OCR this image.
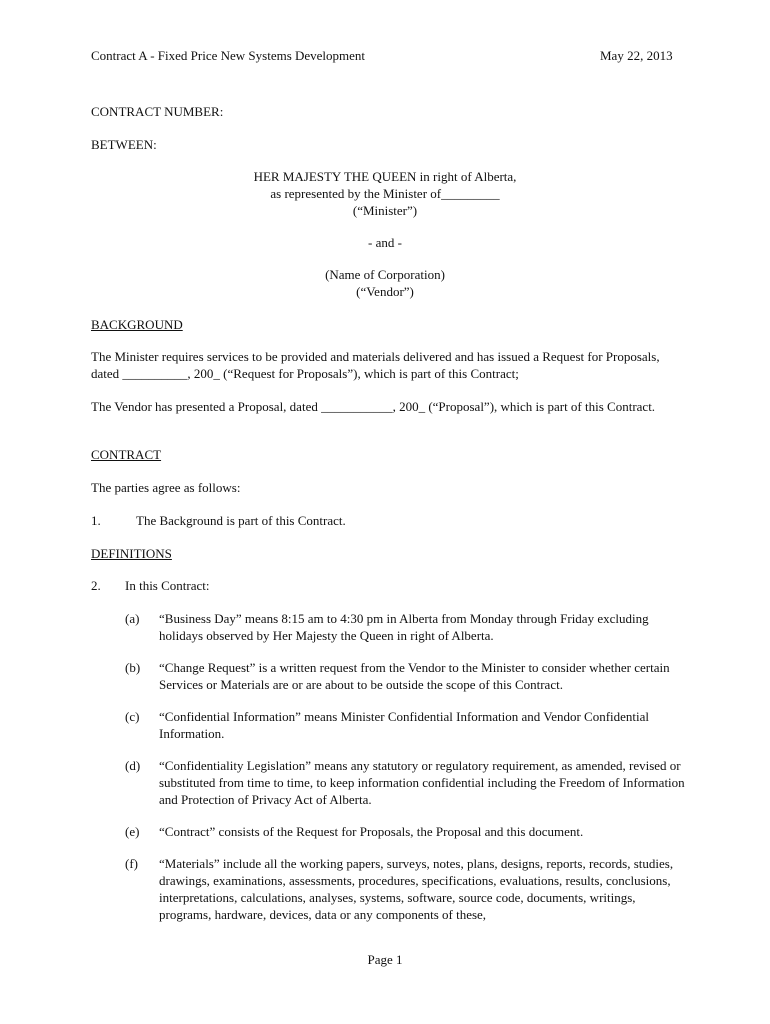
Contract A - Fixed Price New Systems Development	May 22, 2013
CONTRACT NUMBER:
BETWEEN:
HER MAJESTY THE QUEEN in right of Alberta,
as represented by the Minister of_________
(“Minister”)
- and -
(Name of Corporation)
(“Vendor”)
BACKGROUND
The Minister requires services to be provided and materials delivered and has issued a Request for Proposals, dated __________, 200_ (“Request for Proposals”), which is part of this Contract;
The Vendor has presented a Proposal, dated ___________, 200_ (“Proposal”), which is part of this Contract.
CONTRACT
The parties agree as follows:
1.	The Background is part of this Contract.
DEFINITIONS
2. In this Contract:
(a) “Business Day” means 8:15 am to 4:30 pm in Alberta from Monday through Friday excluding holidays observed by Her Majesty the Queen in right of Alberta.
(b) “Change Request” is a written request from the Vendor to the Minister to consider whether certain Services or Materials are or are about to be outside the scope of this Contract.
(c) “Confidential Information” means Minister Confidential Information and Vendor Confidential Information.
(d) “Confidentiality Legislation” means any statutory or regulatory requirement, as amended, revised or substituted from time to time, to keep information confidential including the Freedom of Information and Protection of Privacy Act of Alberta.
(e) “Contract” consists of the Request for Proposals, the Proposal and this document.
(f) “Materials” include all the working papers, surveys, notes, plans, designs, reports, records, studies, drawings, examinations, assessments, procedures, specifications, evaluations, results, conclusions, interpretations, calculations, analyses, systems, software, source code, documents, writings, programs, hardware, devices, data or any components of these,
Page 1
